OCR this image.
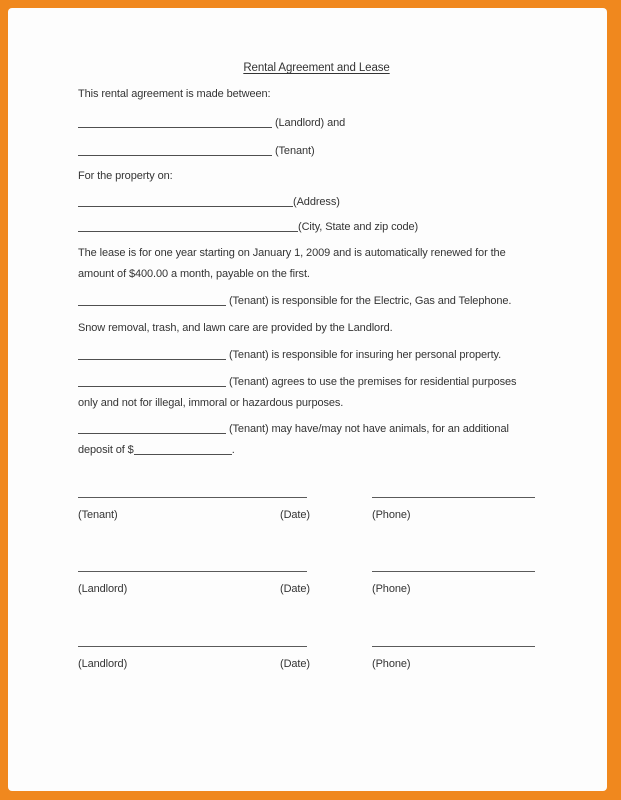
Rental Agreement and Lease
This rental agreement is made between:
(Landlord) and
(Tenant)
For the property on:
(Address)
(City, State and zip code)
The lease is for one year starting on January 1, 2009 and is automatically renewed for the
amount of $400.00 a month, payable on the first.
(Tenant) is responsible for the Electric, Gas and Telephone.
Snow removal, trash, and lawn care are provided by the Landlord.
(Tenant) is responsible for insuring her personal property.
(Tenant) agrees to use the premises for residential purposes
only and not for illegal, immoral or hazardous purposes.
(Tenant) may have/may not have animals, for an additional
deposit of $	.
(Tenant)	(Date)	(Phone)
(Landlord)	(Date)	(Phone)
(Landlord)	(Date)	(Phone)
